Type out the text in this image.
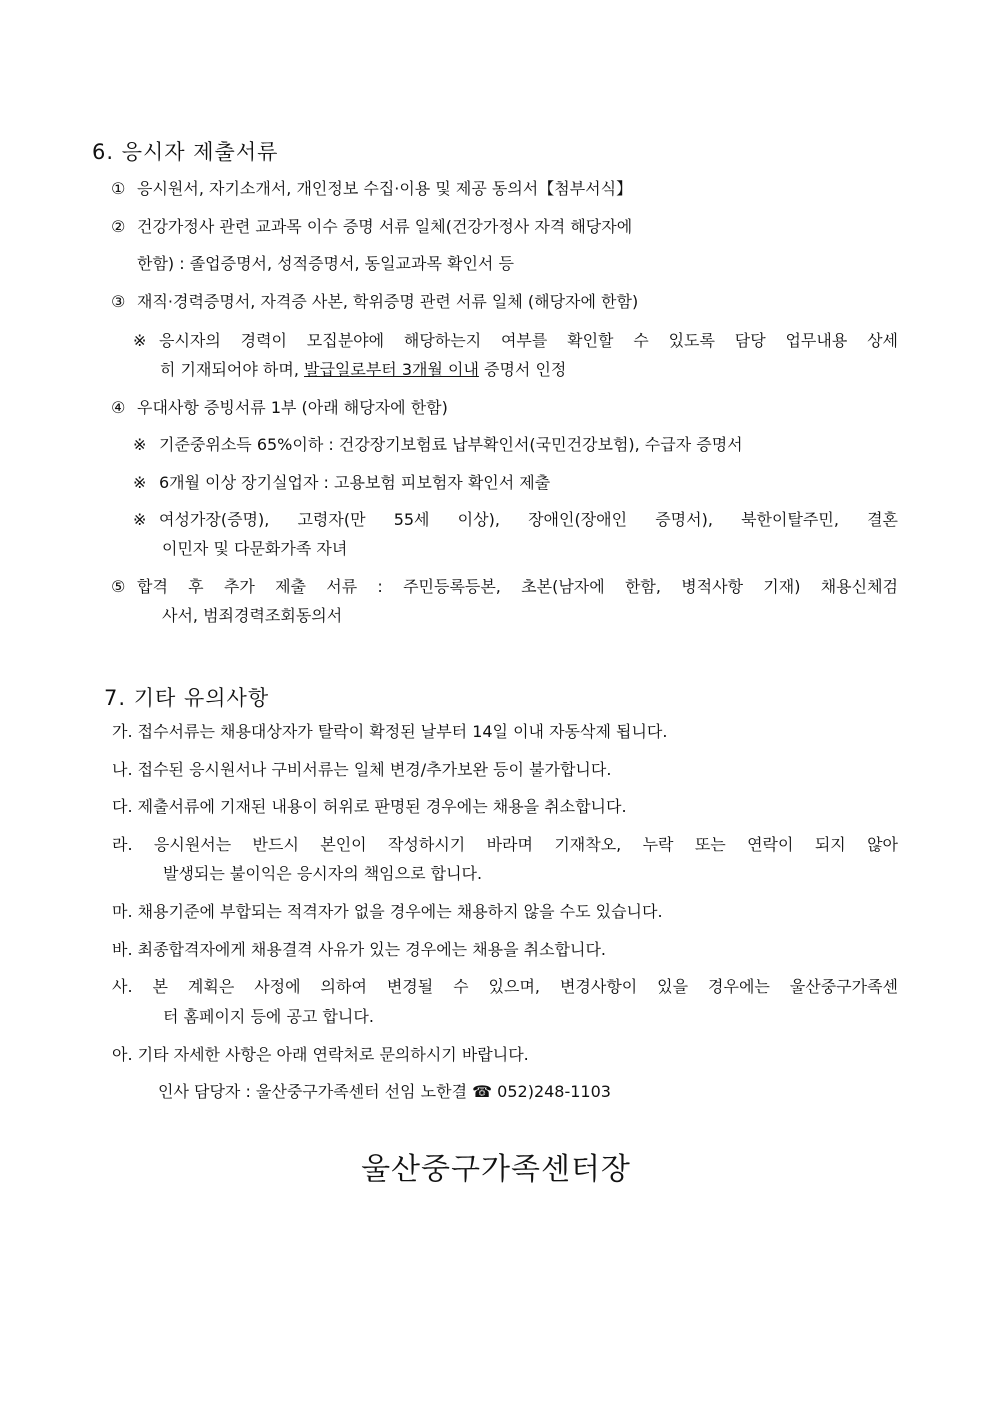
6. 응시자 제출서류
① 응시원서, 자기소개서, 개인정보 수집·이용 및 제공 동의서【첨부서식】
② 건강가정사 관련 교과목 이수 증명 서류 일체(건강가정사 자격 해당자에
한함) : 졸업증명서, 성적증명서, 동일교과목 확인서 등
③ 재직·경력증명서, 자격증 사본, 학위증명 관련 서류 일체 (해당자에 한함)
※ 응시자의 경력이 모집분야에 해당하는지 여부를 확인할 수 있도록 담당 업무내용 상세
히 기재되어야 하며, 발급일로부터 3개월 이내 증명서 인정
④ 우대사항 증빙서류 1부 (아래 해당자에 한함)
※ 기준중위소득 65%이하 : 건강장기보험료 납부확인서(국민건강보험), 수급자 증명서
※ 6개월 이상 장기실업자 : 고용보험 피보험자 확인서 제출
※ 여성가장(증명), 고령자(만 55세 이상), 장애인(장애인 증명서), 북한이탈주민, 결혼
이민자 및 다문화가족 자녀
⑤ 합격 후 추가 제출 서류 : 주민등록등본, 초본(남자에 한함, 병적사항 기재) 채용신체검
사서, 범죄경력조회동의서
7. 기타 유의사항
가. 접수서류는 채용대상자가 탈락이 확정된 날부터 14일 이내 자동삭제 됩니다.
나. 접수된 응시원서나 구비서류는 일체 변경/추가보완 등이 불가합니다.
다. 제출서류에 기재된 내용이 허위로 판명된 경우에는 채용을 취소합니다.
라. 응시원서는 반드시 본인이 작성하시기 바라며 기재착오, 누락 또는 연락이 되지 않아
발생되는 불이익은 응시자의 책임으로 합니다.
마. 채용기준에 부합되는 적격자가 없을 경우에는 채용하지 않을 수도 있습니다.
바. 최종합격자에게 채용결격 사유가 있는 경우에는 채용을 취소합니다.
사. 본 계획은 사정에 의하여 변경될 수 있으며, 변경사항이 있을 경우에는 울산중구가족센
터 홈페이지 등에 공고 합니다.
아. 기타 자세한 사항은 아래 연락처로 문의하시기 바랍니다.
인사 담당자 : 울산중구가족센터 선임 노한결 ☎ 052)248-1103
울산중구가족센터장
